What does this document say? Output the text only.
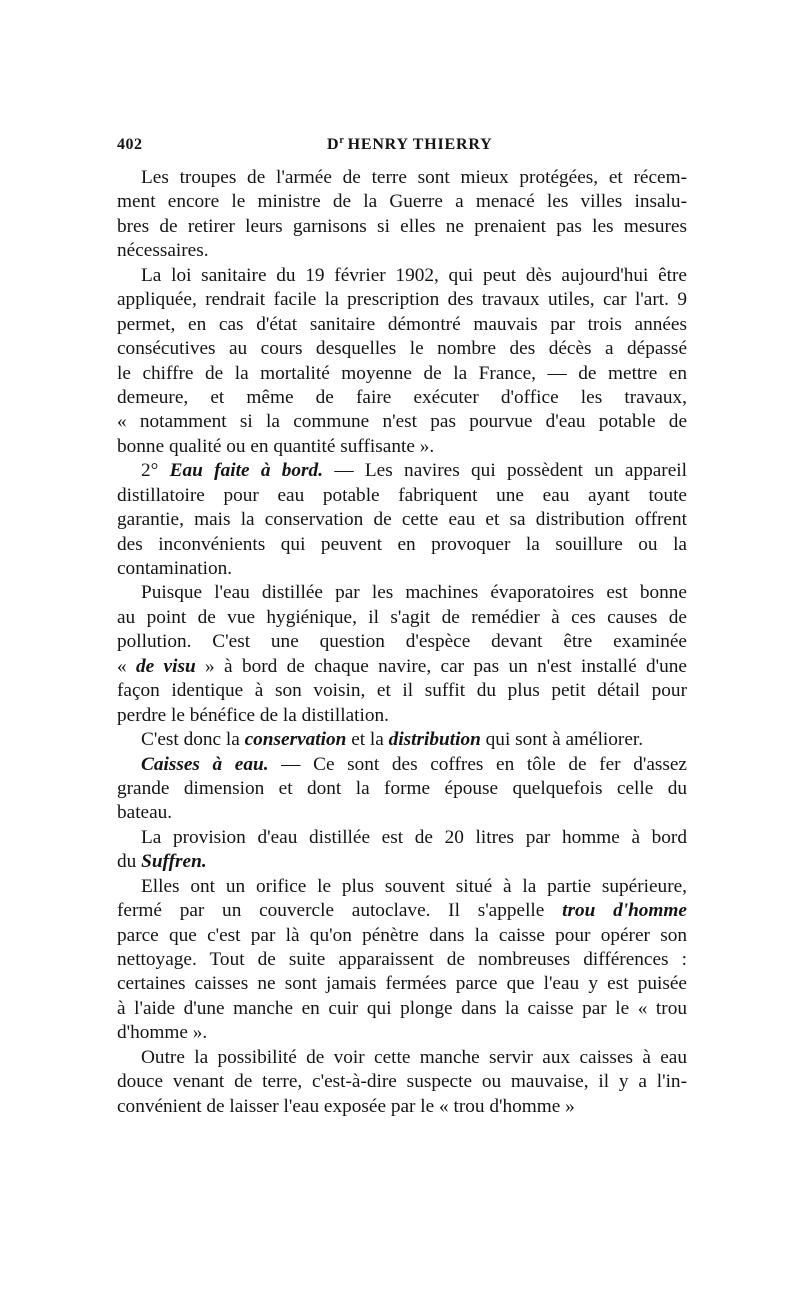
402	$D^r$ HENRY THIERRY
Les troupes de l'armée de terre sont mieux protégées, et récem-
ment encore le ministre de la Guerre a menacé les villes insalu-
bres de retirer leurs garnisons si elles ne prenaient pas les mesures
nécessaires.
La loi sanitaire du 19 février 1902, qui peut dès aujourd'hui être
appliquée, rendrait facile la prescription des travaux utiles, car l'art. 9
permet, en cas d'état sanitaire démontré mauvais par trois années
consécutives au cours desquelles le nombre des décès a dépassé
le chiffre de la mortalité moyenne de la France, — de mettre en
demeure, et même de faire exécuter d'office les travaux,
« notamment si la commune n'est pas pourvue d'eau potable de
bonne qualité ou en quantité suffisante ».
2° Eau faite à bord. — Les navires qui possèdent un appareil
distillatoire pour eau potable fabriquent une eau ayant toute
garantie, mais la conservation de cette eau et sa distribution offrent
des inconvénients qui peuvent en provoquer la souillure ou la
contamination.
Puisque l'eau distillée par les machines évaporatoires est bonne
au point de vue hygiénique, il s'agit de remédier à ces causes de
pollution. C'est une question d'espèce devant être examinée
« de visu » à bord de chaque navire, car pas un n'est installé d'une
façon identique à son voisin, et il suffit du plus petit détail pour
perdre le bénéfice de la distillation.
C'est donc la conservation et la distribution qui sont à améliorer.
Caisses à eau. — Ce sont des coffres en tôle de fer d'assez
grande dimension et dont la forme épouse quelquefois celle du
bateau.
La provision d'eau distillée est de 20 litres par homme à bord
du Suffren.
Elles ont un orifice le plus souvent situé à la partie supérieure,
fermé par un couvercle autoclave. Il s'appelle trou d'homme
parce que c'est par là qu'on pénètre dans la caisse pour opérer son
nettoyage. Tout de suite apparaissent de nombreuses différences :
certaines caisses ne sont jamais fermées parce que l'eau y est puisée
à l'aide d'une manche en cuir qui plonge dans la caisse par le « trou
d'homme ».
Outre la possibilité de voir cette manche servir aux caisses à eau
douce venant de terre, c'est-à-dire suspecte ou mauvaise, il y a l'in-
convénient de laisser l'eau exposée par le « trou d'homme »
